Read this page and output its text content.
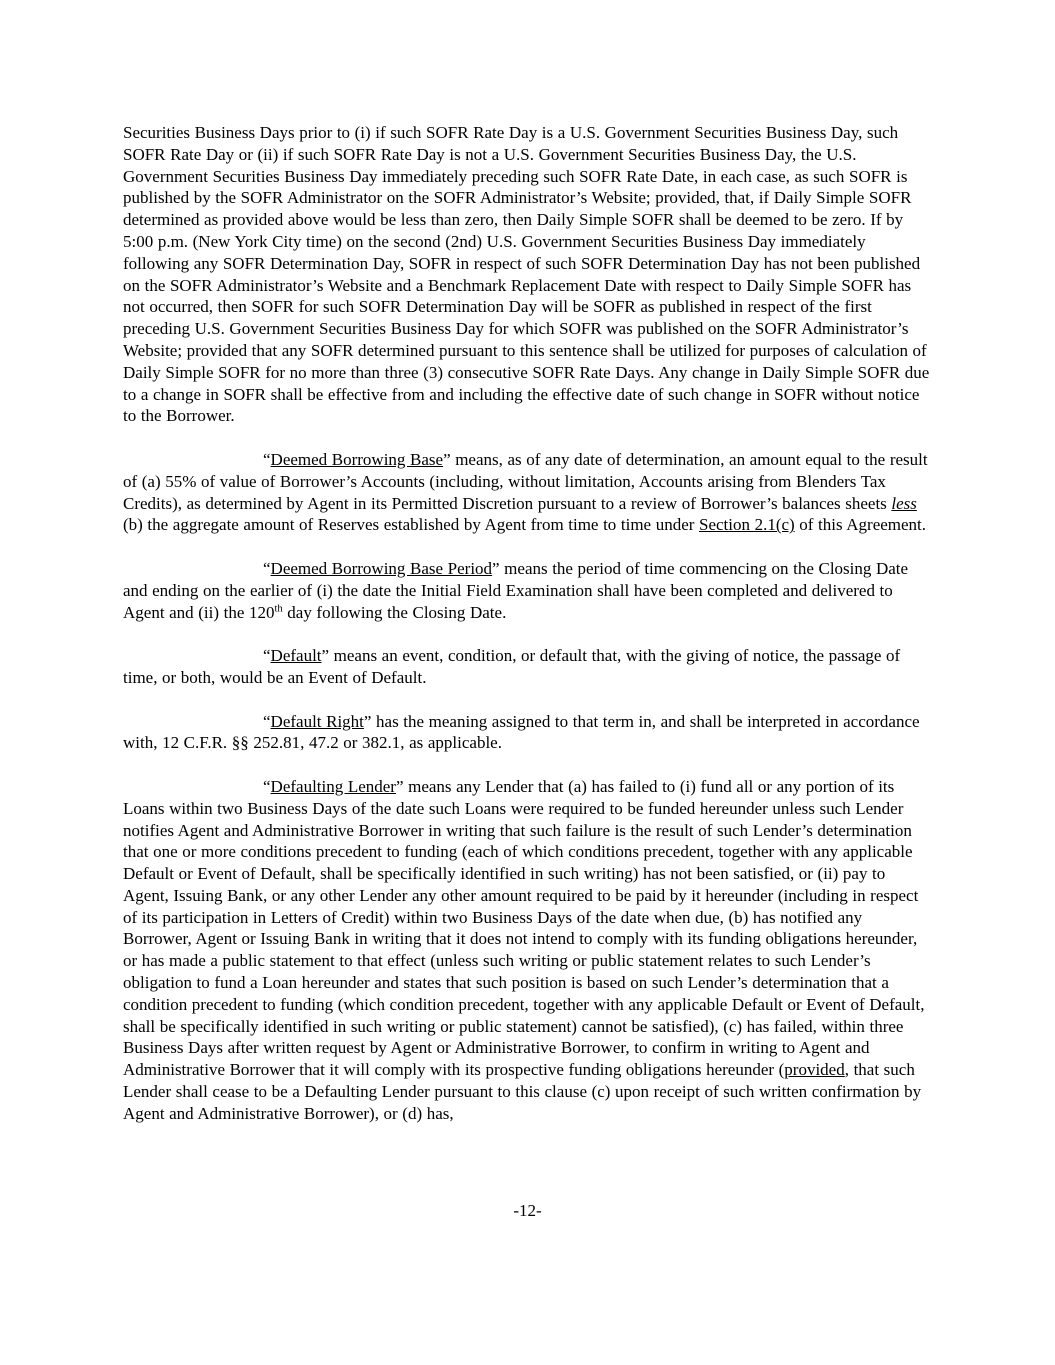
Securities Business Days prior to (i) if such SOFR Rate Day is a U.S. Government Securities Business Day, such SOFR Rate Day or (ii) if such SOFR Rate Day is not a U.S. Government Securities Business Day, the U.S. Government Securities Business Day immediately preceding such SOFR Rate Date, in each case, as such SOFR is published by the SOFR Administrator on the SOFR Administrator’s Website; provided, that, if Daily Simple SOFR determined as provided above would be less than zero, then Daily Simple SOFR shall be deemed to be zero. If by 5:00 p.m. (New York City time) on the second (2nd) U.S. Government Securities Business Day immediately following any SOFR Determination Day, SOFR in respect of such SOFR Determination Day has not been published on the SOFR Administrator’s Website and a Benchmark Replacement Date with respect to Daily Simple SOFR has not occurred, then SOFR for such SOFR Determination Day will be SOFR as published in respect of the first preceding U.S. Government Securities Business Day for which SOFR was published on the SOFR Administrator’s Website; provided that any SOFR determined pursuant to this sentence shall be utilized for purposes of calculation of Daily Simple SOFR for no more than three (3) consecutive SOFR Rate Days. Any change in Daily Simple SOFR due to a change in SOFR shall be effective from and including the effective date of such change in SOFR without notice to the Borrower.

“Deemed Borrowing Base” means, as of any date of determination, an amount equal to the result of (a) 55% of value of Borrower’s Accounts (including, without limitation, Accounts arising from Blenders Tax Credits), as determined by Agent in its Permitted Discretion pursuant to a review of Borrower’s balances sheets less (b) the aggregate amount of Reserves established by Agent from time to time under Section 2.1(c) of this Agreement.

“Deemed Borrowing Base Period” means the period of time commencing on the Closing Date and ending on the earlier of (i) the date the Initial Field Examination shall have been completed and delivered to Agent and (ii) the 120th day following the Closing Date.

“Default” means an event, condition, or default that, with the giving of notice, the passage of time, or both, would be an Event of Default.

“Default Right” has the meaning assigned to that term in, and shall be interpreted in accordance with, 12 C.F.R. §§ 252.81, 47.2 or 382.1, as applicable.

“Defaulting Lender” means any Lender that (a) has failed to (i) fund all or any portion of its Loans within two Business Days of the date such Loans were required to be funded hereunder unless such Lender notifies Agent and Administrative Borrower in writing that such failure is the result of such Lender’s determination that one or more conditions precedent to funding (each of which conditions precedent, together with any applicable Default or Event of Default, shall be specifically identified in such writing) has not been satisfied, or (ii) pay to Agent, Issuing Bank, or any other Lender any other amount required to be paid by it hereunder (including in respect of its participation in Letters of Credit) within two Business Days of the date when due, (b) has notified any Borrower, Agent or Issuing Bank in writing that it does not intend to comply with its funding obligations hereunder, or has made a public statement to that effect (unless such writing or public statement relates to such Lender’s obligation to fund a Loan hereunder and states that such position is based on such Lender’s determination that a condition precedent to funding (which condition precedent, together with any applicable Default or Event of Default, shall be specifically identified in such writing or public statement) cannot be satisfied), (c) has failed, within three Business Days after written request by Agent or Administrative Borrower, to confirm in writing to Agent and Administrative Borrower that it will comply with its prospective funding obligations hereunder (provided, that such Lender shall cease to be a Defaulting Lender pursuant to this clause (c) upon receipt of such written confirmation by Agent and Administrative Borrower), or (d) has,

-12-
